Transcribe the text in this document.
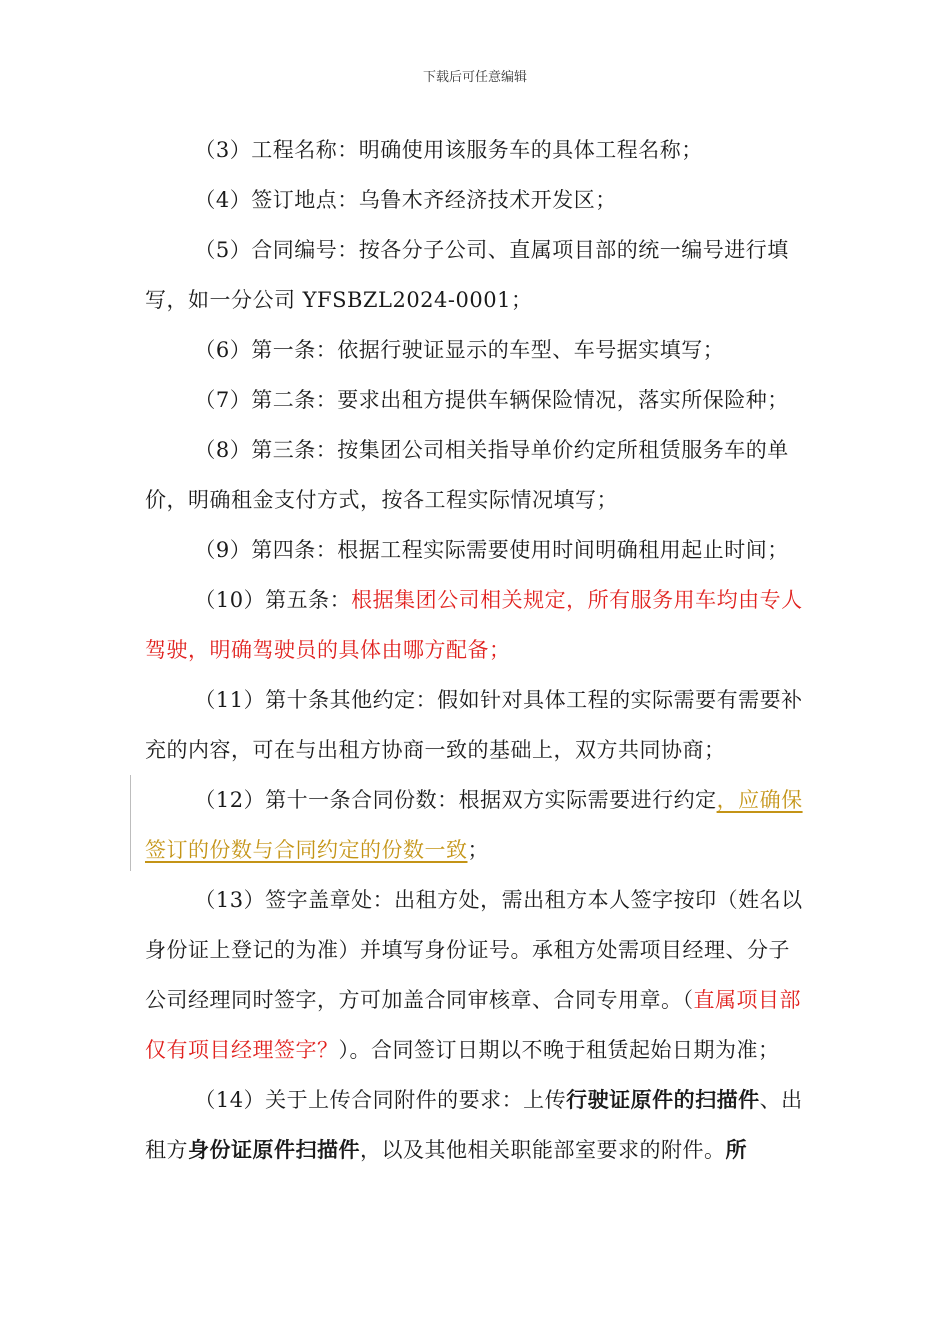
下载后可任意编辑

（3）工程名称：明确使用该服务车的具体工程名称；

（4）签订地点：乌鲁木齐经济技术开发区；

（5）合同编号：按各分子公司、直属项目部的统一编号进行填写，如一分公司 YFSBZL2024-0001；

（6）第一条：依据行驶证显示的车型、车号据实填写；

（7）第二条：要求出租方提供车辆保险情况，落实所保险种；

（8）第三条：按集团公司相关指导单价约定所租赁服务车的单价，明确租金支付方式，按各工程实际情况填写；

（9）第四条：根据工程实际需要使用时间明确租用起止时间；

（10）第五条：根据集团公司相关规定，所有服务用车均由专人驾驶，明确驾驶员的具体由哪方配备；

（11）第十条其他约定：假如针对具体工程的实际需要有需要补充的内容，可在与出租方协商一致的基础上，双方共同协商；

（12）第十一条合同份数：根据双方实际需要进行约定，应确保签订的份数与合同约定的份数一致；

（13）签字盖章处：出租方处，需出租方本人签字按印（姓名以身份证上登记的为准）并填写身份证号。承租方处需项目经理、分子公司经理同时签字，方可加盖合同审核章、合同专用章。（直属项目部仅有项目经理签字？）。合同签订日期以不晚于租赁起始日期为准；

（14）关于上传合同附件的要求：上传行驶证原件的扫描件、出租方身份证原件扫描件，以及其他相关职能部室要求的附件。所
